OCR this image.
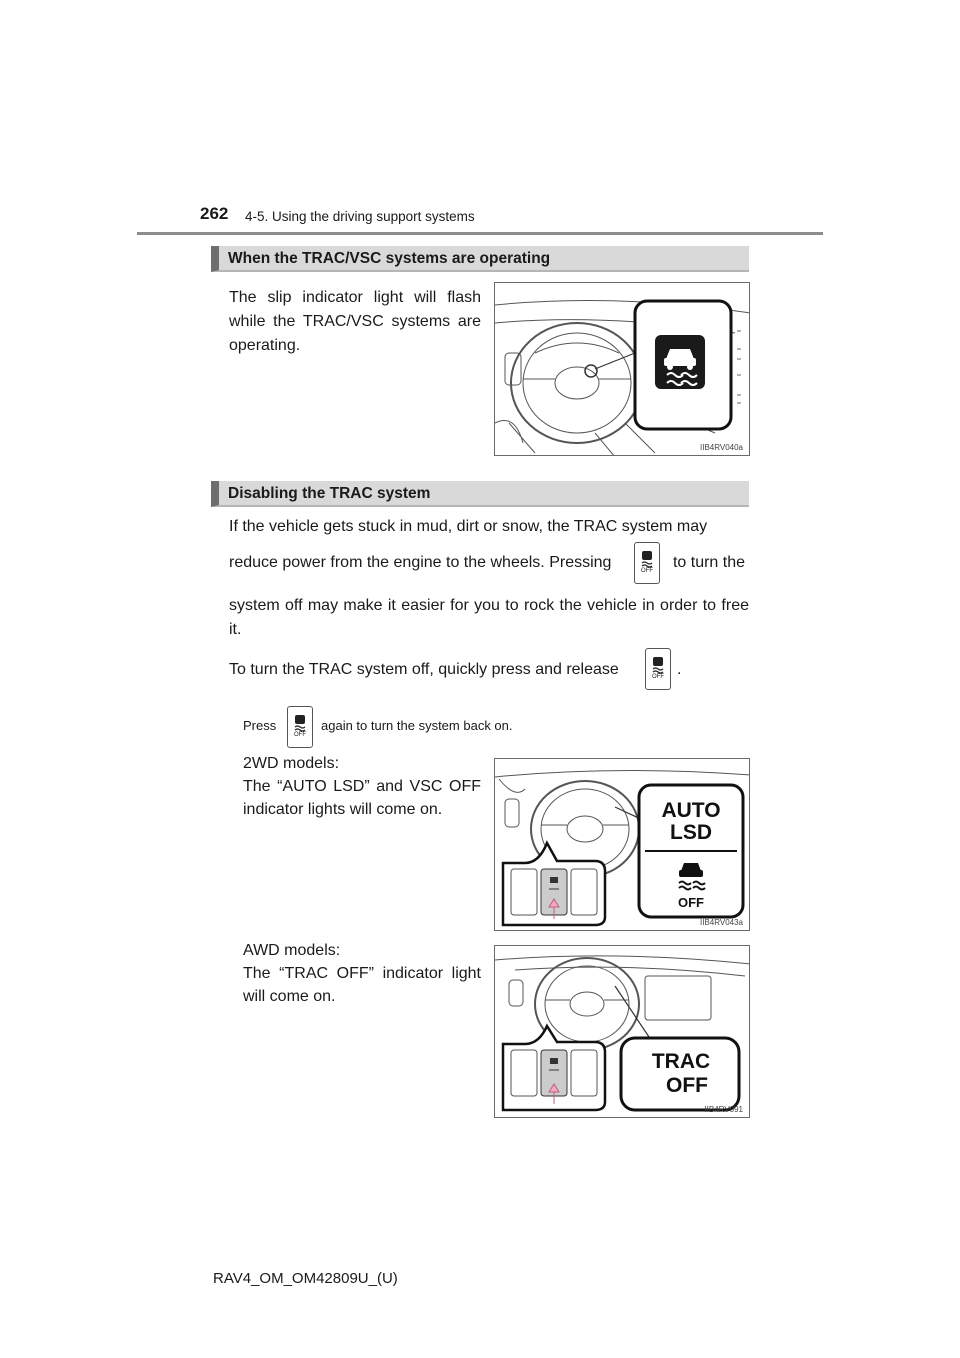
262 4-5. Using the driving support systems
When the TRAC/VSC systems are operating
The slip indicator light will flash while the TRAC/VSC systems are operating.
IIB4RV040a
Disabling the TRAC system
If the vehicle gets stuck in mud, dirt or snow, the TRAC system may
reduce power from the engine to the wheels. Pressing	OFF	to turn the
system off may make it easier for you to rock the vehicle in order to free it.
To turn the TRAC system off, quickly press and release	OFF .
Press
OFF
again to turn the system back on.
2WD models:
The “AUTO LSD” and VSC OFF indicator lights will come on.	AUTO
LSD
OFF
IIB4RV043a
AWD models:
The “TRAC OFF” indicator light will come on.
TRAC
OFF
IIB4RV091
RAV4_OM_OM42809U_(U)
